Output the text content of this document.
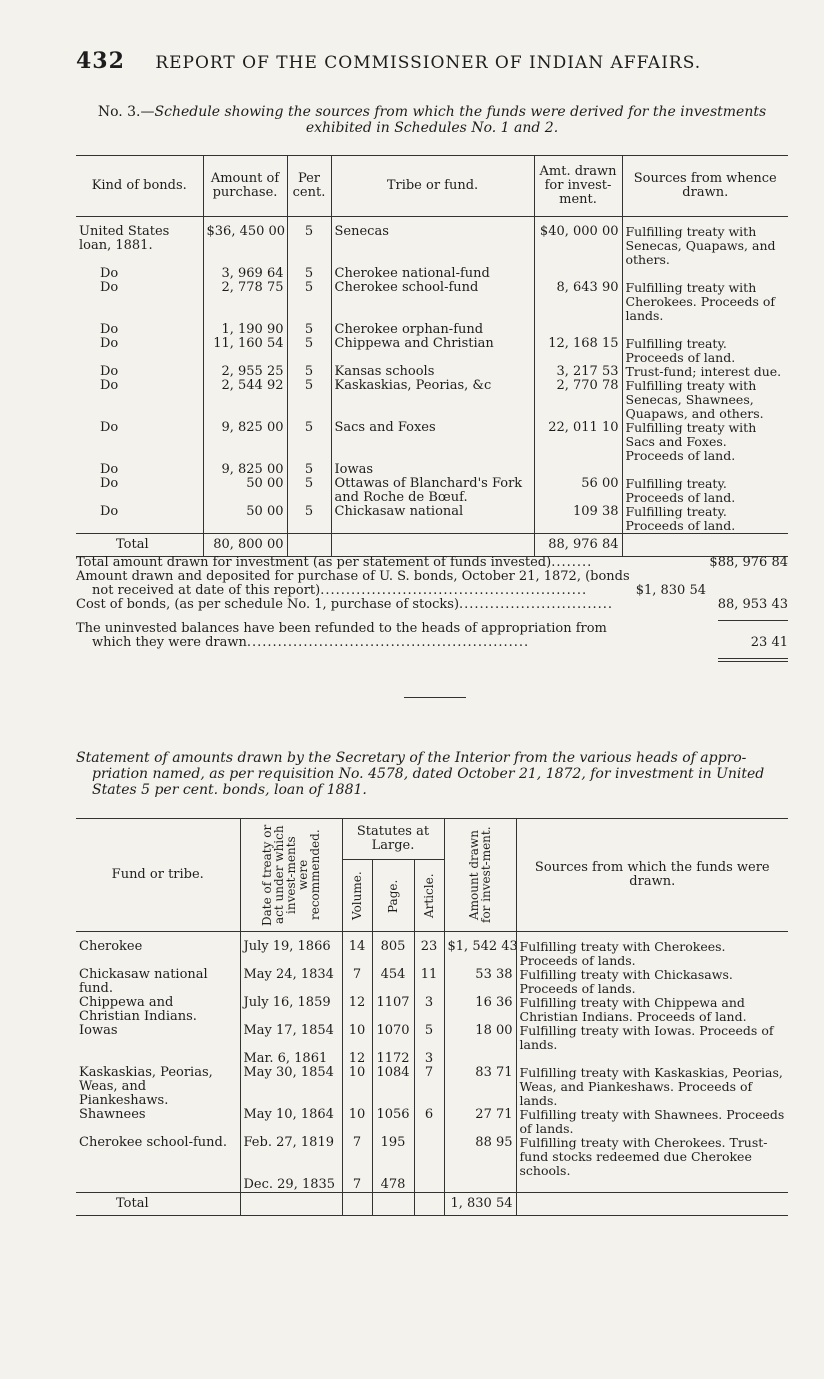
432 REPORT OF THE COMMISSIONER OF INDIAN AFFAIRS.
No. 3.—Schedule showing the sources from which the funds were derived for the investments
exhibited in Schedules No. 1 and 2.
Kind of bonds.	Amount of purchase.	Per cent.	Tribe or fund.	Amt. drawn for invest-ment.	Sources from whence drawn.
United States loan, 1881.	$36, 450 00	5	Senecas	$40, 000 00	Fulfilling treaty with Senecas, Quapaws, and others.
Do	3, 969 64	5	Cherokee national-fund		
Do	2, 778 75	5	Cherokee school-fund	8, 643 90	Fulfilling treaty with Cherokees. Proceeds of lands.
Do	1, 190 90	5	Cherokee orphan-fund		
Do	11, 160 54	5	Chippewa and Christian	12, 168 15	Fulfilling treaty. Proceeds of land.
Do	2, 955 25	5	Kansas schools	3, 217 53	Trust-fund; interest due.
Do	2, 544 92	5	Kaskaskias, Peorias, &c	2, 770 78	Fulfilling treaty with Senecas, Shawnees, Quapaws, and others.
Do	9, 825 00	5	Sacs and Foxes	22, 011 10	Fulfilling treaty with Sacs and Foxes. Proceeds of land.
Do	9, 825 00	5	Iowas		
Do	50 00	5	Ottawas of Blanchard's Fork and Roche de Bœuf.	56 00	Fulfilling treaty. Proceeds of land.
Do	50 00	5	Chickasaw national	109 38	Fulfilling treaty. Proceeds of land.
Total	80, 800 00			88, 976 84	
Total amount drawn for investment (as per statement of funds invested)........	$88, 976 84
Amount drawn and deposited for purchase of U. S. bonds, October 21, 1872, (bonds
not received at date of this report)....................................................	$1, 830 54
Cost of bonds, (as per schedule No. 1, purchase of stocks)..............................	88, 953 43
The uninvested balances have been refunded to the heads of appropriation from
which they were drawn.......................................................	23 41
Statement of amounts drawn by the Secretary of the Interior from the various heads of appro-
priation named, as per requisition No. 4578, dated October 21, 1872, for investment in United
States 5 per cent. bonds, loan of 1881.
Fund or tribe.	Date of treaty or act under which invest-ments were recommended.	Statutes at Large.			Amount drawn for invest-ment.	Sources from which the funds were drawn.

		Volume.	Page.	Article.		

Cherokee	July 19, 1866	14	805	23	$1, 542 43	Fulfilling treaty with Cherokees. Proceeds of lands.
Chickasaw national fund.	May 24, 1834	7	454	11	53 38	Fulfilling treaty with Chickasaws. Proceeds of lands.
Chippewa and Christian Indians.	July 16, 1859	12	1107	3	16 36	Fulfilling treaty with Chippewa and Christian Indians. Proceeds of land.
Iowas	May 17, 1854	10	1070	5	18 00	Fulfilling treaty with Iowas. Proceeds of lands.
	Mar. 6, 1861	12	1172	3		
Kaskaskias, Peorias, Weas, and Piankeshaws.	May 30, 1854	10	1084	7	83 71	Fulfilling treaty with Kaskaskias, Peorias, Weas, and Piankeshaws. Proceeds of lands.
Shawnees	May 10, 1864	10	1056	6	27 71	Fulfilling treaty with Shawnees. Proceeds of lands.
Cherokee school-fund.	Feb. 27, 1819	7	195		88 95	Fulfilling treaty with Cherokees. Trust-fund stocks redeemed due Cherokee schools.
	Dec. 29, 1835	7	478			
Total					1, 830 54	
